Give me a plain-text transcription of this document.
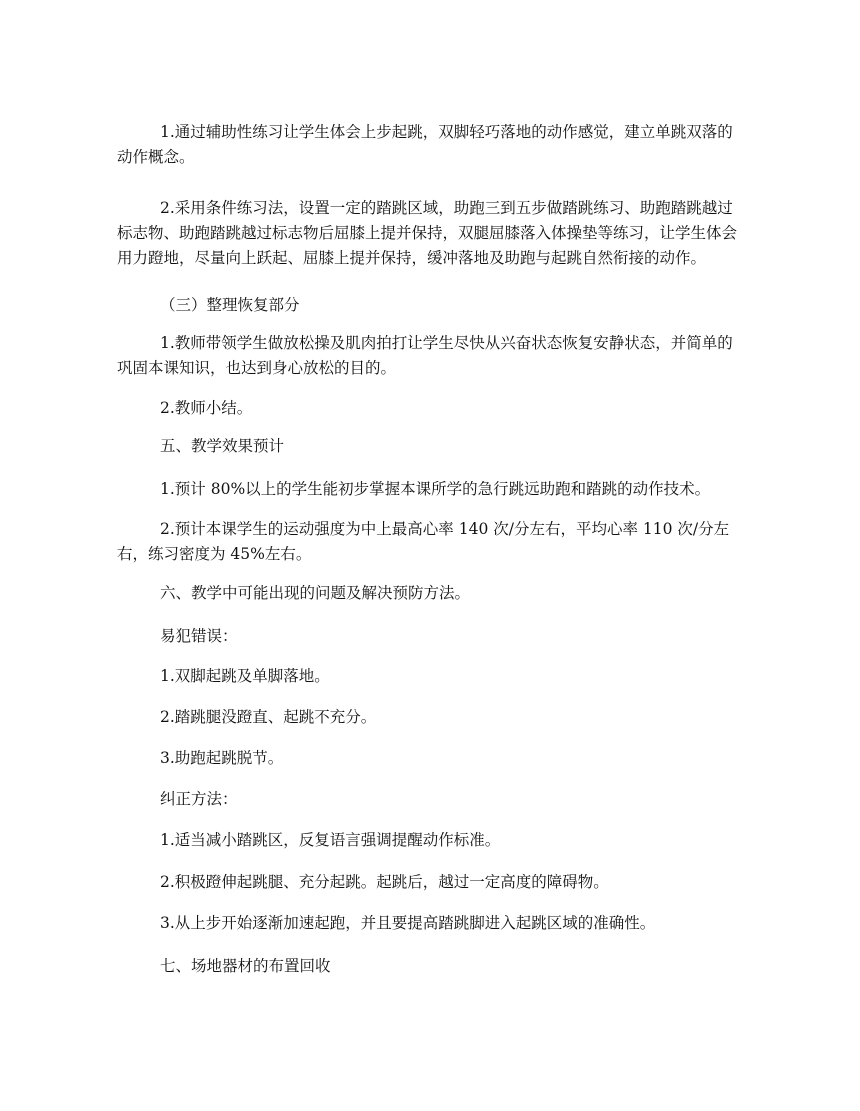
1.通过辅助性练习让学生体会上步起跳，双脚轻巧落地的动作感觉，建立单跳双落的动作概念。

2.采用条件练习法，设置一定的踏跳区域，助跑三到五步做踏跳练习、助跑踏跳越过标志物、助跑踏跳越过标志物后屈膝上提并保持，双腿屈膝落入体操垫等练习，让学生体会用力蹬地，尽量向上跃起、屈膝上提并保持，缓冲落地及助跑与起跳自然衔接的动作。

（三）整理恢复部分

1.教师带领学生做放松操及肌肉拍打让学生尽快从兴奋状态恢复安静状态，并简单的巩固本课知识，也达到身心放松的目的。

2.教师小结。

五、教学效果预计

1.预计 80%以上的学生能初步掌握本课所学的急行跳远助跑和踏跳的动作技术。

2.预计本课学生的运动强度为中上最高心率 140 次/分左右，平均心率 110 次/分左右，练习密度为 45%左右。

六、教学中可能出现的问题及解决预防方法。

易犯错误：

1.双脚起跳及单脚落地。

2.踏跳腿没蹬直、起跳不充分。

3.助跑起跳脱节。

纠正方法：

1.适当减小踏跳区，反复语言强调提醒动作标准。

2.积极蹬伸起跳腿、充分起跳。起跳后，越过一定高度的障碍物。

3.从上步开始逐渐加速起跑，并且要提高踏跳脚进入起跳区域的准确性。

七、场地器材的布置回收
